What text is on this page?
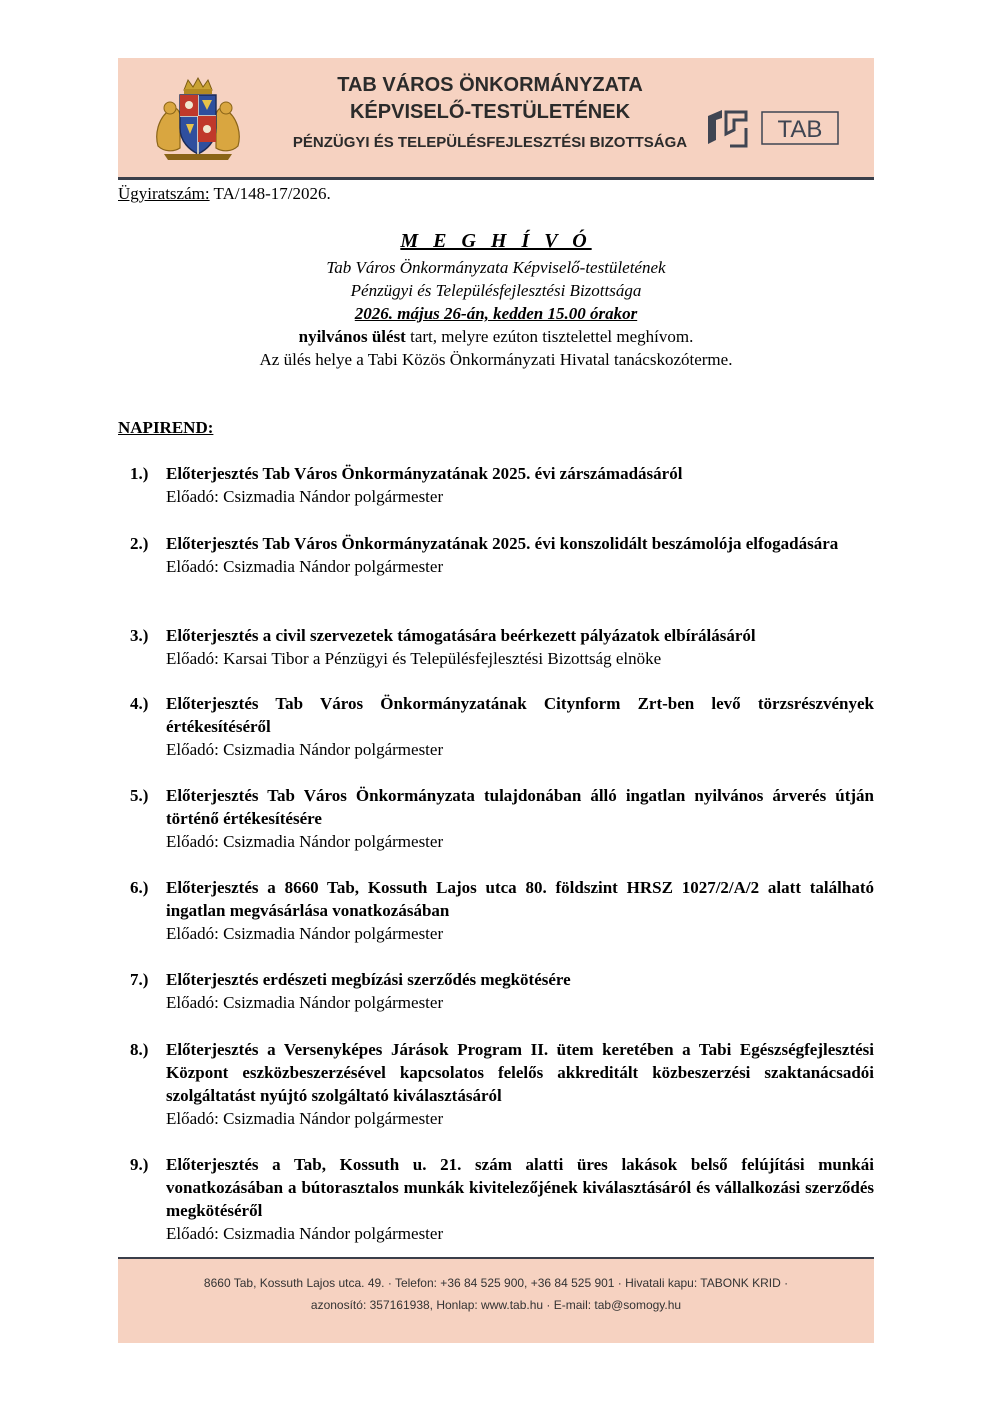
TAB VÁROS ÖNKORMÁNYZATA
KÉPVISELŐ-TESTÜLETÉNEK
PÉNZÜGYI ÉS TELEPÜLÉSFEJLESZTÉSI BIZOTTSÁGA	TAB
Ügyiratszám: TA/148-17/2026.
M E G H Í V Ó
Tab Város Önkormányzata Képviselő-testületének
Pénzügyi és Településfejlesztési Bizottsága
2026. május 26-án, kedden 15.00 órakor
nyilvános ülést tart, melyre ezúton tisztelettel meghívom.
Az ülés helye a Tabi Közös Önkormányzati Hivatal tanácskozóterme.
NAPIREND:
1.) Előterjesztés Tab Város Önkormányzatának 2025. évi zárszámadásáról
Előadó: Csizmadia Nándor polgármester
2.) Előterjesztés Tab Város Önkormányzatának 2025. évi konszolidált beszámolója elfogadására
Előadó: Csizmadia Nándor polgármester
3.) Előterjesztés a civil szervezetek támogatására beérkezett pályázatok elbírálásáról
Előadó: Karsai Tibor a Pénzügyi és Településfejlesztési Bizottság elnöke
4.) Előterjesztés Tab Város Önkormányzatának Citynform Zrt-ben levő törzsrészvények értékesítéséről
Előadó: Csizmadia Nándor polgármester
5.) Előterjesztés Tab Város Önkormányzata tulajdonában álló ingatlan nyilvános árverés útján történő értékesítésére
Előadó: Csizmadia Nándor polgármester
6.) Előterjesztés a 8660 Tab, Kossuth Lajos utca 80. földszint HRSZ 1027/2/A/2 alatt található ingatlan megvásárlása vonatkozásában
Előadó: Csizmadia Nándor polgármester
7.) Előterjesztés erdészeti megbízási szerződés megkötésére
Előadó: Csizmadia Nándor polgármester
8.) Előterjesztés a Versenyképes Járások Program II. ütem keretében a Tabi Egészségfejlesztési Központ eszközbeszerzésével kapcsolatos felelős akkreditált közbeszerzési szaktanácsadói szolgáltatást nyújtó szolgáltató kiválasztásáról
Előadó: Csizmadia Nándor polgármester
9.) Előterjesztés a Tab, Kossuth u. 21. szám alatti üres lakások belső felújítási munkái vonatkozásában a bútorasztalos munkák kivitelezőjének kiválasztásáról és vállalkozási szerződés megkötéséről
Előadó: Csizmadia Nándor polgármester
8660 Tab, Kossuth Lajos utca. 49. · Telefon: +36 84 525 900, +36 84 525 901 · Hivatali kapu: TABONK KRID ·
azonosító: 357161938, Honlap: www.tab.hu · E-mail: tab@somogy.hu
